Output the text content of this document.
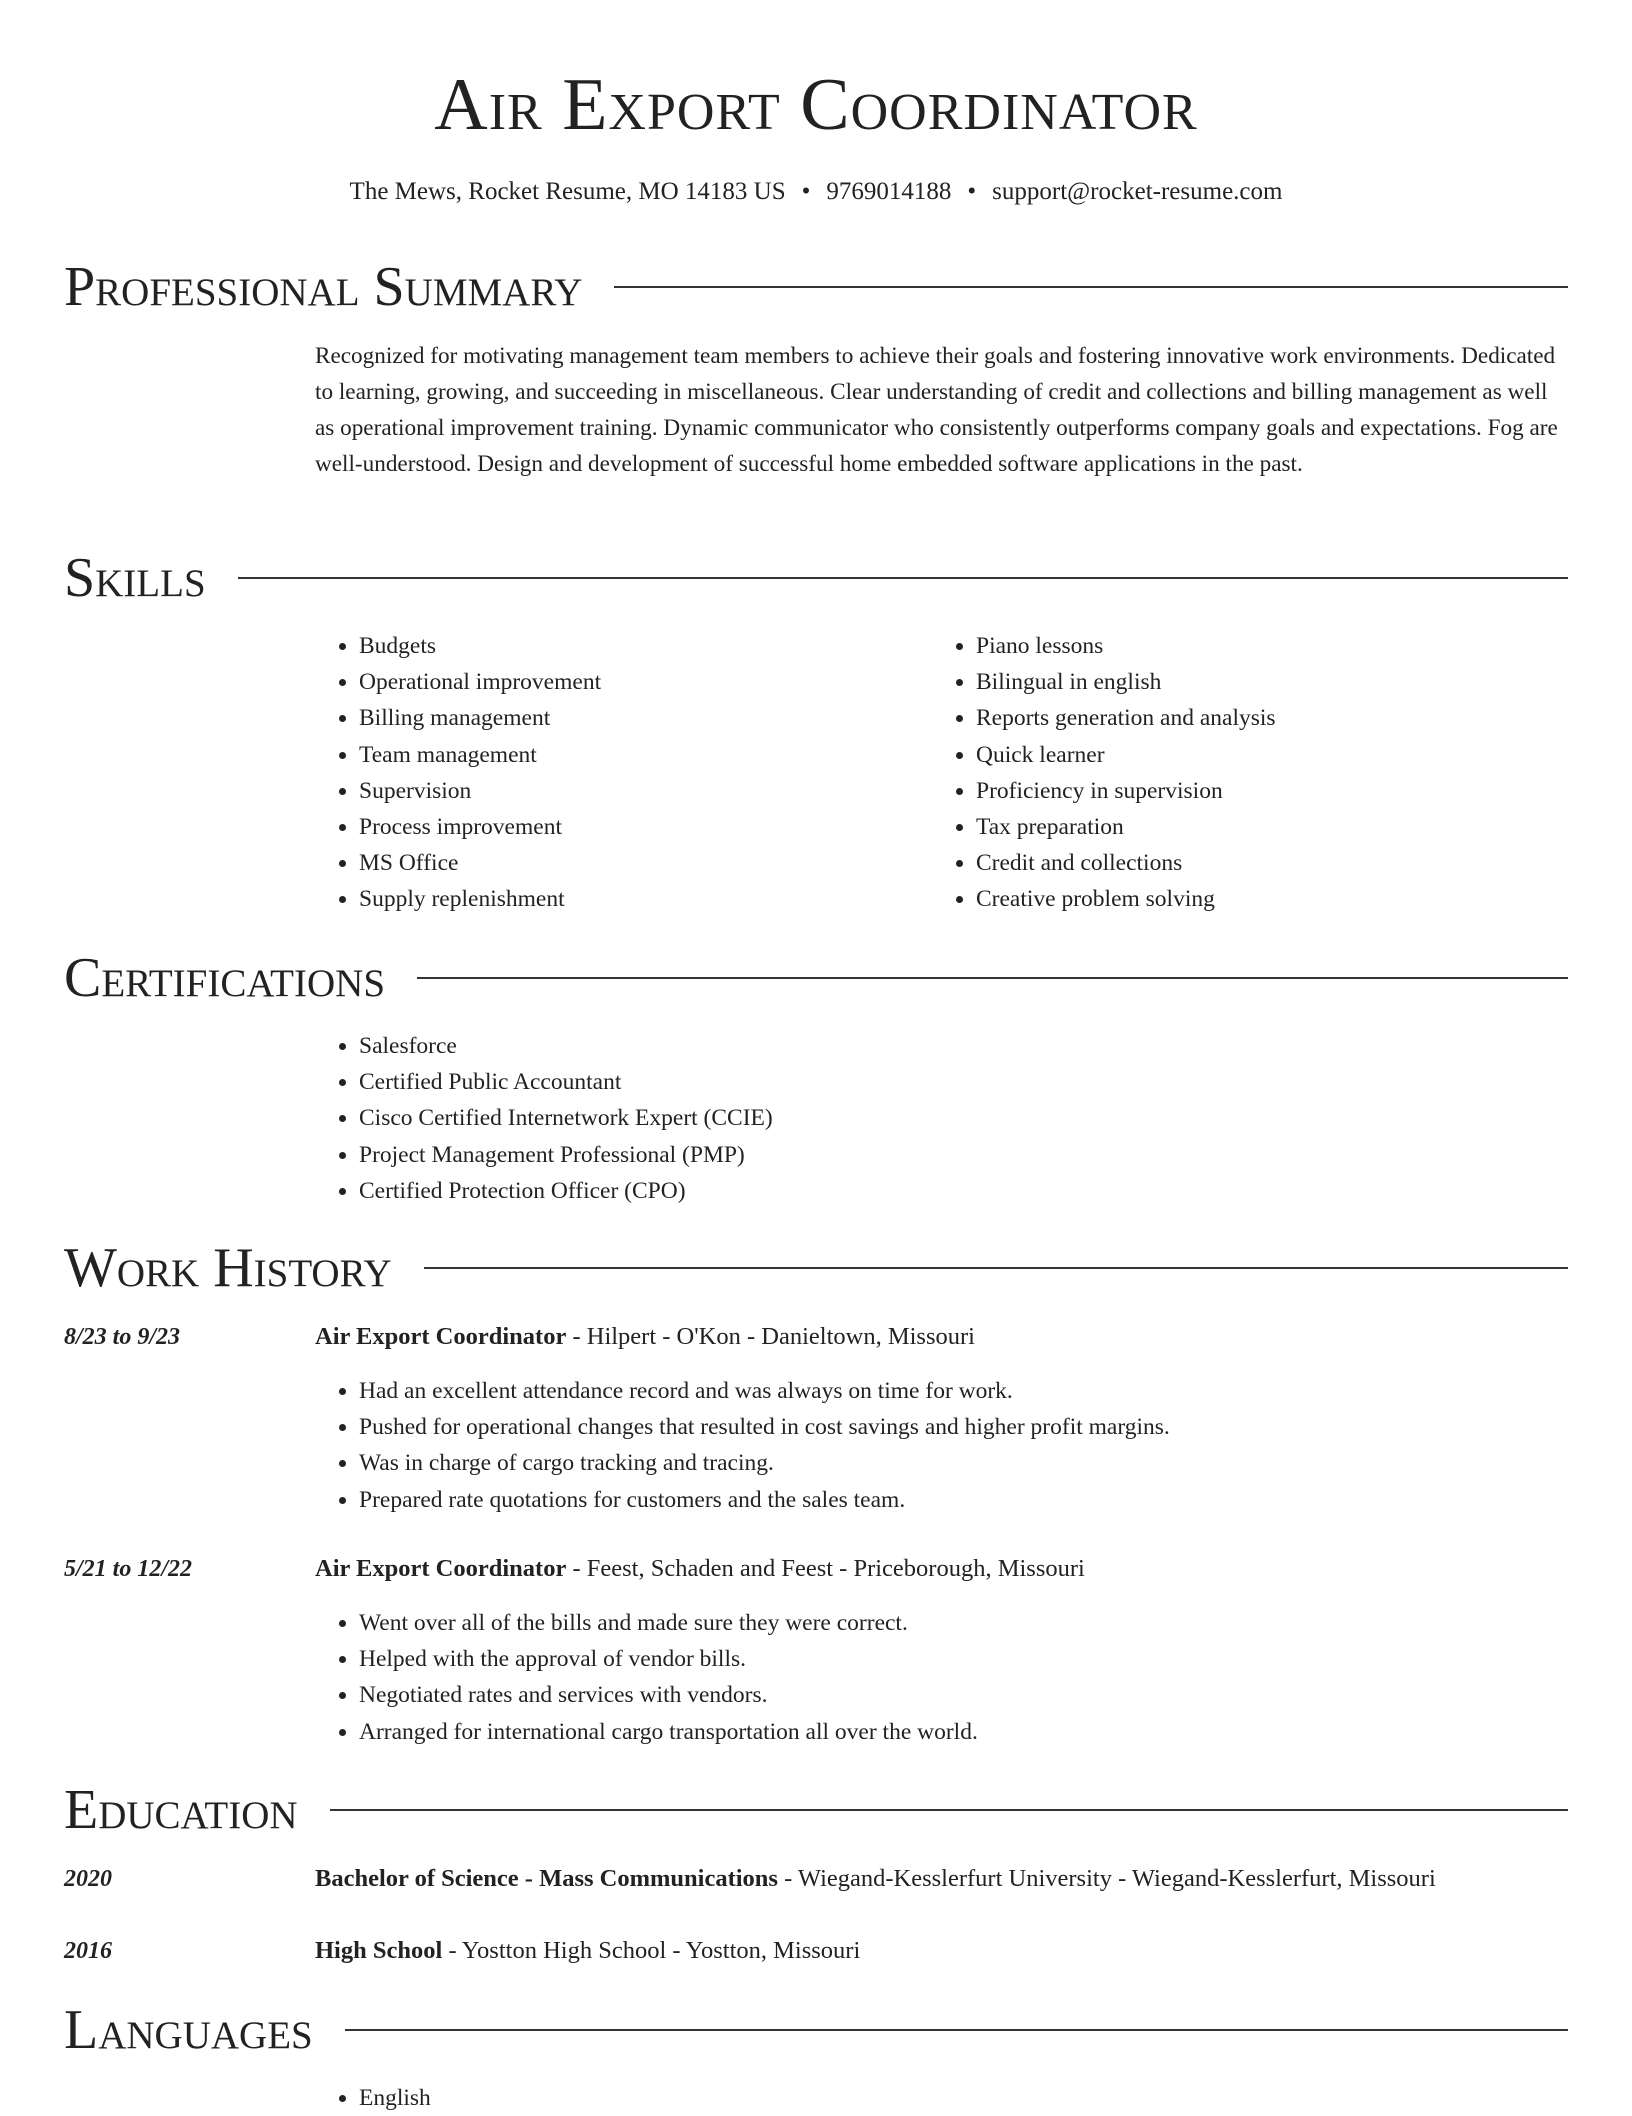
Air Export Coordinator
The Mews, Rocket Resume, MO 14183 US • 9769014188 • support@rocket-resume.com
Professional Summary

Recognized for motivating management team members to achieve their goals and fostering innovative work environments. Dedicated to learning, growing, and succeeding in miscellaneous. Clear understanding of credit and collections and billing management as well as operational improvement training. Dynamic communicator who consistently outperforms company goals and expectations. Fog are well-understood. Design and development of successful home embedded software applications in the past.

Skills
• Budgets
• Operational improvement
• Billing management
• Team management
• Supervision
• Process improvement
• MS Office
• Supply replenishment
• Piano lessons
• Bilingual in english
• Reports generation and analysis
• Quick learner
• Proficiency in supervision
• Tax preparation
• Credit and collections
• Creative problem solving
Certifications
• Salesforce
• Certified Public Accountant
• Cisco Certified Internetwork Expert (CCIE)
• Project Management Professional (PMP)
• Certified Protection Officer (CPO)
Work History
8/23 to 9/23	Air Export Coordinator - Hilpert - O'Kon - Danieltown, Missouri
• Had an excellent attendance record and was always on time for work.
• Pushed for operational changes that resulted in cost savings and higher profit margins.
• Was in charge of cargo tracking and tracing.
• Prepared rate quotations for customers and the sales team.
5/21 to 12/22	Air Export Coordinator - Feest, Schaden and Feest - Priceborough, Missouri
• Went over all of the bills and made sure they were correct.
• Helped with the approval of vendor bills.
• Negotiated rates and services with vendors.
• Arranged for international cargo transportation all over the world.
Education
2020	Bachelor of Science - Mass Communications - Wiegand-Kesslerfurt University - Wiegand-Kesslerfurt, Missouri
2016	High School - Yostton High School - Yostton, Missouri
Languages
• English
